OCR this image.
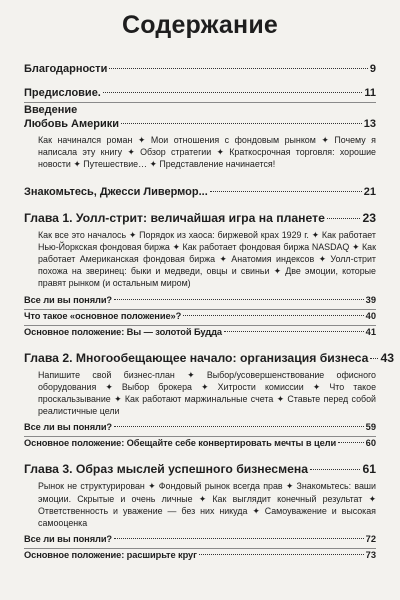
Содержание
Благодарности	9
Предисловие.	11
Введение
Любовь Америки	13
Как начинался роман ✦ Мои отношения с фондовым рынком ✦ Почему я написала эту книгу ✦ Обзор стратегии ✦ Краткосрочная торговля: хорошие новости ✦ Путешествие… ✦ Представление начинается!
Знакомьтесь, Джесси Ливермор...	21
Глава 1. Уолл-стрит: величайшая игра на планете	23
Как все это началось ✦ Порядок из хаоса: биржевой крах 1929 г. ✦ Как работает Нью-Йоркская фондовая биржа ✦ Как работает фондовая биржа NASDAQ ✦ Как работает Американская фондовая биржа ✦ Анатомия индексов ✦ Уолл-стрит похожа на зверинец: быки и медведи, овцы и свиньи ✦ Две эмоции, которые правят рынком (и остальным миром)
Все ли вы поняли?	39
Что такое «основное положение»?	40
Основное положение: Вы — золотой Будда	41
Глава 2. Многообещающее начало: организация бизнеса 43
Напишите свой бизнес-план ✦ Выбор/усовершенствование офисного оборудования ✦ Выбор брокера ✦ Хитрости комиссии ✦ Что такое проскальзывание ✦ Как работают маржинальные счета ✦ Ставьте перед собой реалистичные цели
Все ли вы поняли?	59
Основное положение: Обещайте себе конвертировать мечты в цели	60
Глава 3. Образ мыслей успешного бизнесмена	61
Рынок не структурирован ✦ Фондовый рынок всегда прав ✦ Знакомьтесь: ваши эмоции. Скрытые и очень личные ✦ Как выглядит конечный результат ✦ Ответственность и уважение — без них никуда ✦ Самоуважение и высокая самооценка
Все ли вы поняли?	72
Основное положение: расширьте круг	73
